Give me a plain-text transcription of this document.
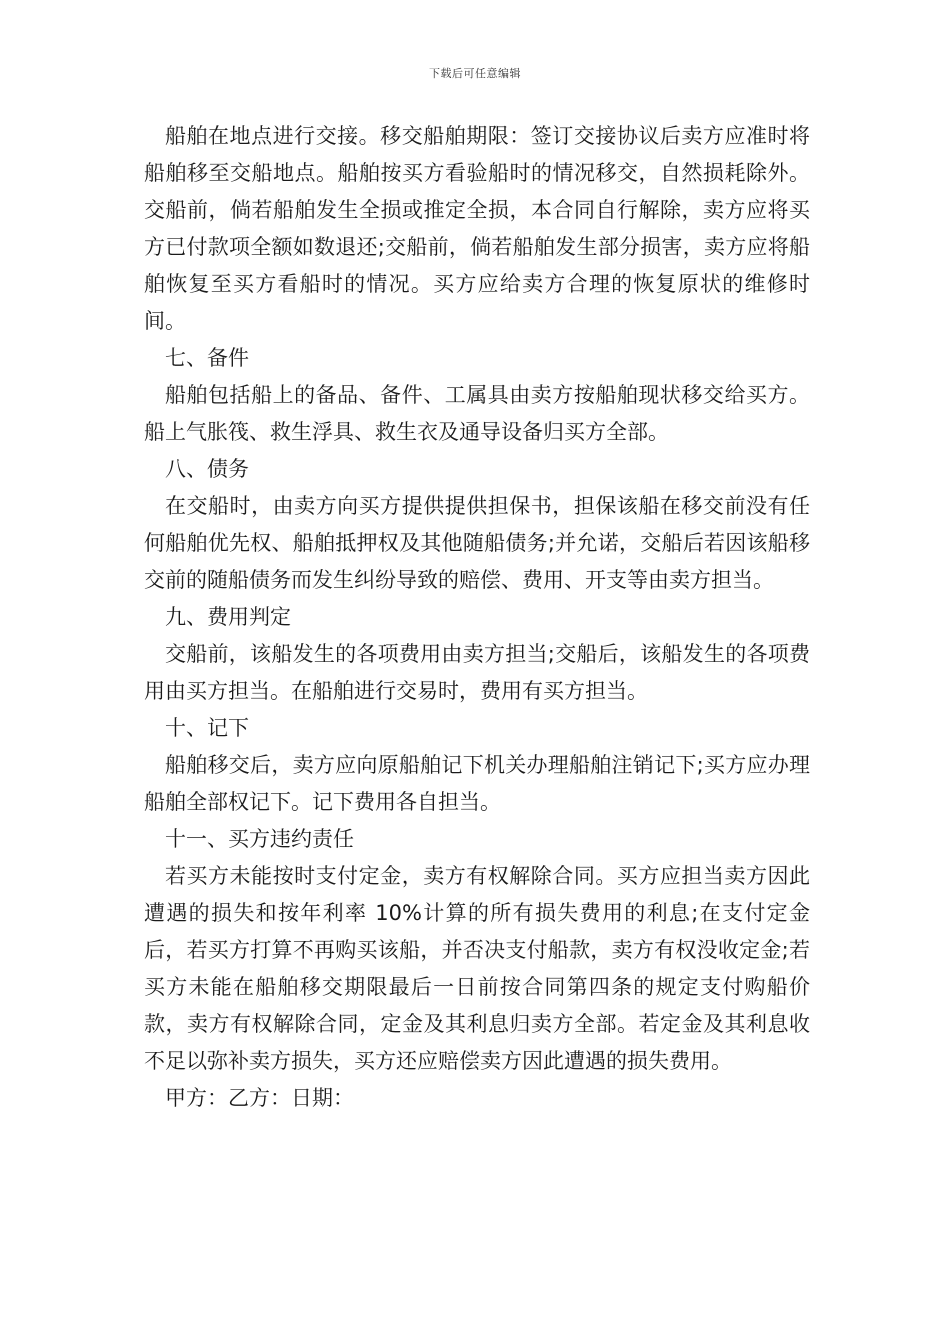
下载后可任意编辑

船舶在地点进行交接。移交船舶期限：签订交接协议后卖方应准时将船舶移至交船地点。船舶按买方看验船时的情况移交，自然损耗除外。交船前，倘若船舶发生全损或推定全损，本合同自行解除，卖方应将买方已付款项全额如数退还;交船前，倘若船舶发生部分损害，卖方应将船舶恢复至买方看船时的情况。买方应给卖方合理的恢复原状的维修时间。

七、备件

船舶包括船上的备品、备件、工属具由卖方按船舶现状移交给买方。船上气胀筏、救生浮具、救生衣及通导设备归买方全部。

八、债务

在交船时，由卖方向买方提供提供担保书，担保该船在移交前没有任何船舶优先权、船舶抵押权及其他随船债务;并允诺，交船后若因该船移交前的随船债务而发生纠纷导致的赔偿、费用、开支等由卖方担当。

九、费用判定

交船前，该船发生的各项费用由卖方担当;交船后，该船发生的各项费用由买方担当。在船舶进行交易时，费用有买方担当。

十、记下

船舶移交后，卖方应向原船舶记下机关办理船舶注销记下;买方应办理船舶全部权记下。记下费用各自担当。

十一、买方违约责任

若买方未能按时支付定金，卖方有权解除合同。买方应担当卖方因此遭遇的损失和按年利率 10%计算的所有损失费用的利息;在支付定金后，若买方打算不再购买该船，并否决支付船款，卖方有权没收定金;若买方未能在船舶移交期限最后一日前按合同第四条的规定支付购船价款，卖方有权解除合同，定金及其利息归卖方全部。若定金及其利息收不足以弥补卖方损失，买方还应赔偿卖方因此遭遇的损失费用。

甲方：乙方：日期：
